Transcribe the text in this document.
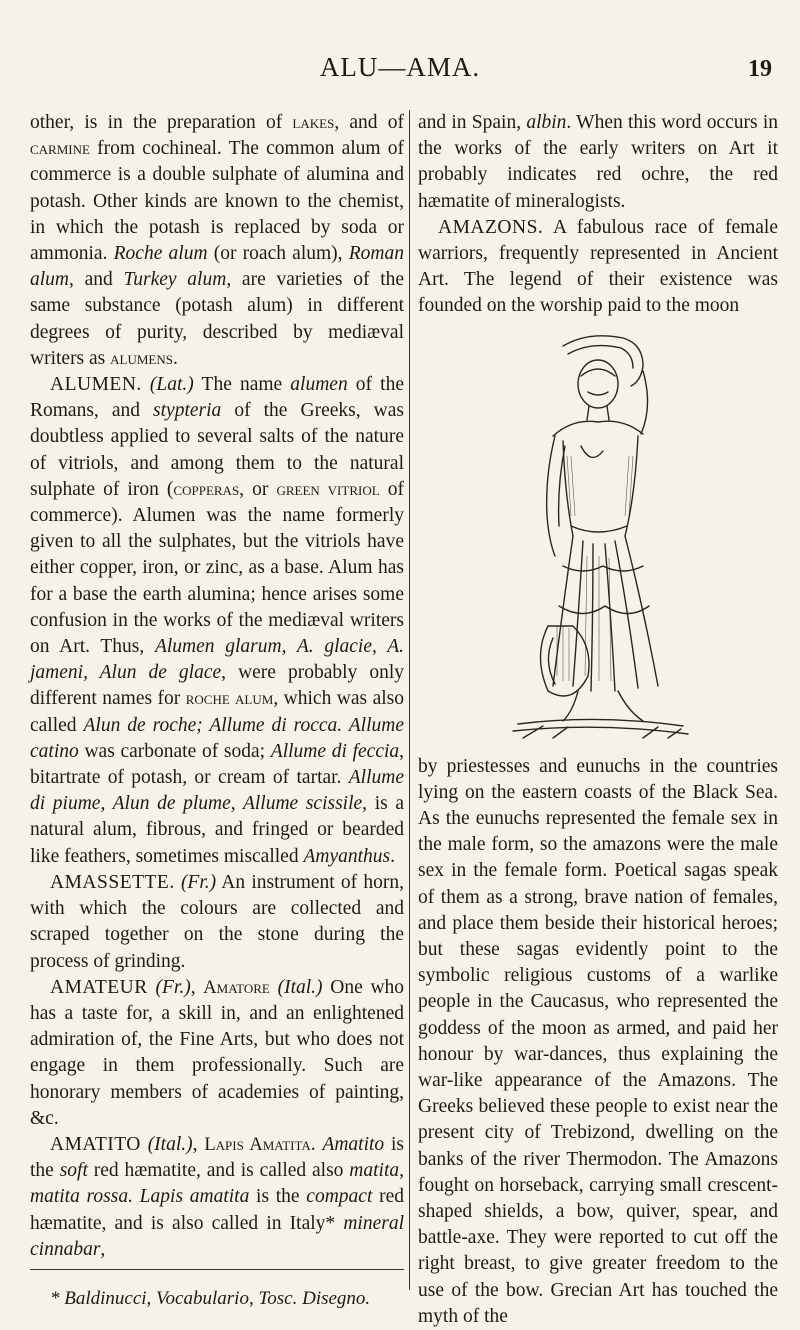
ALU—AMA.	19

other, is in the preparation of lakes, and of carmine from cochineal. The common alum of commerce is a double sulphate of alumina and potash. Other kinds are known to the chemist, in which the potash is replaced by soda or ammonia. Roche alum (or roach alum), Roman alum, and Turkey alum, are varieties of the same substance (potash alum) in different degrees of purity, described by mediæval writers as alumens.

ALUMEN. (Lat.) The name alumen of the Romans, and stypteria of the Greeks, was doubtless applied to several salts of the nature of vitriols, and among them to the natural sulphate of iron (copperas, or green vitriol of commerce). Alumen was the name formerly given to all the sulphates, but the vitriols have either copper, iron, or zinc, as a base. Alum has for a base the earth alumina; hence arises some confusion in the works of the mediæval writers on Art. Thus, Alumen glarum, A. glacie, A. jameni, Alun de glace, were probably only different names for roche alum, which was also called Alun de roche; Allume di rocca. Allume catino was carbonate of soda; Allume di feccia, bitartrate of potash, or cream of tartar. Allume di piume, Alun de plume, Allume scissile, is a natural alum, fibrous, and fringed or bearded like feathers, sometimes miscalled Amyanthus.

AMASSETTE. (Fr.) An instrument of horn, with which the colours are collected and scraped together on the stone during the process of grinding.

AMATEUR (Fr.), Amatore (Ital.) One who has a taste for, a skill in, and an enlightened admiration of, the Fine Arts, but who does not engage in them professionally. Such are honorary members of academies of painting, &c.

AMATITO (Ital.), Lapis Amatita. Amatito is the soft red hæmatite, and is called also matita, matita rossa. Lapis amatita is the compact red hæmatite, and is also called in Italy* mineral cinnabar,

* Baldinucci, Vocabulario, Tosc. Disegno.

and in Spain, albin. When this word occurs in the works of the early writers on Art it probably indicates red ochre, the red hæmatite of mineralogists.

AMAZONS. A fabulous race of female warriors, frequently represented in Ancient Art. The legend of their existence was founded on the worship paid to the moon

by priestesses and eunuchs in the countries lying on the eastern coasts of the Black Sea. As the eunuchs represented the female sex in the male form, so the amazons were the male sex in the female form. Poetical sagas speak of them as a strong, brave nation of females, and place them beside their historical heroes; but these sagas evidently point to the symbolic religious customs of a warlike people in the Caucasus, who represented the goddess of the moon as armed, and paid her honour by war-dances, thus explaining the war-like appearance of the Amazons. The Greeks believed these people to exist near the present city of Trebizond, dwelling on the banks of the river Thermodon. The Amazons fought on horseback, carrying small crescent-shaped shields, a bow, quiver, spear, and battle-axe. They were reported to cut off the right breast, to give greater freedom to the use of the bow. Grecian Art has touched the myth of the
